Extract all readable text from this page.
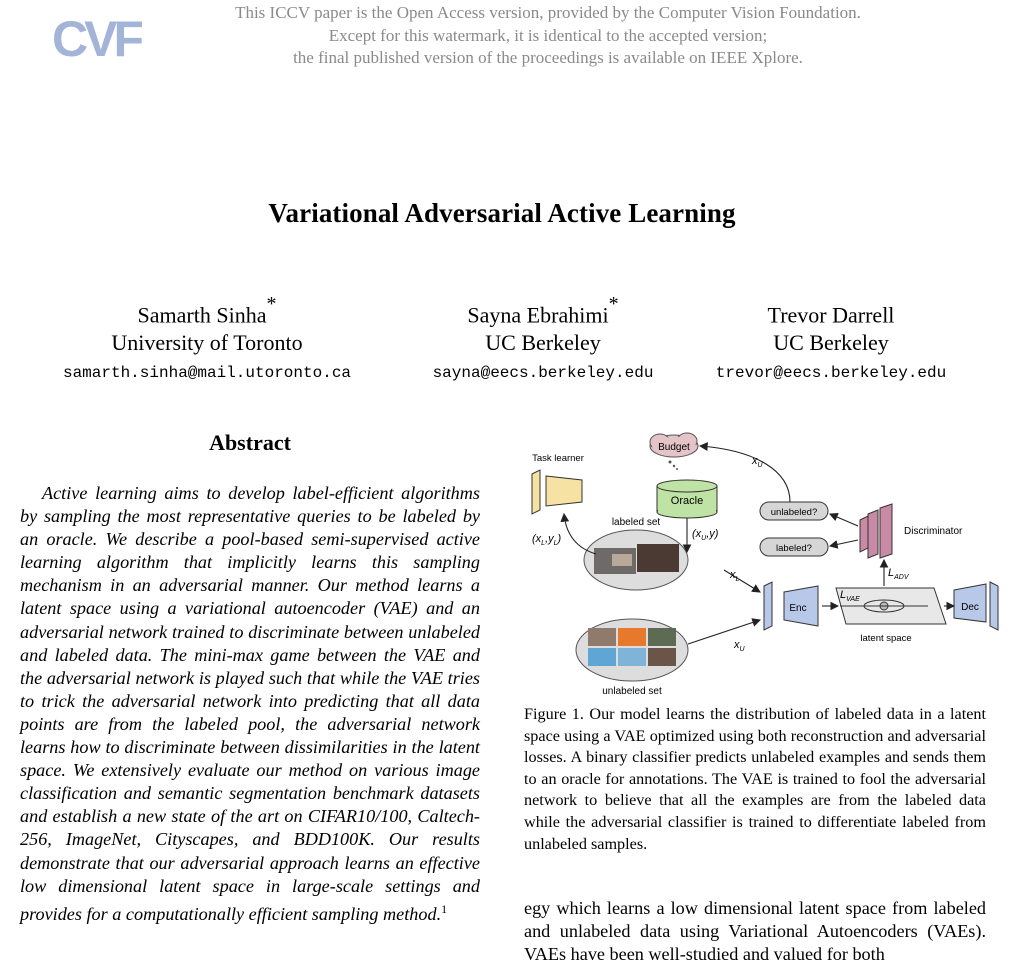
CVF	This ICCV paper is the Open Access version, provided by the Computer Vision Foundation.
Except for this watermark, it is identical to the accepted version;
the final published version of the proceedings is available on IEEE Xplore.
Variational Adversarial Active Learning
Samarth Sinha*
University of Toronto
samarth.sinha@mail.utoronto.ca
Sayna Ebrahimi*
UC Berkeley
sayna@eecs.berkeley.edu
Trevor Darrell
UC Berkeley
trevor@eecs.berkeley.edu
Abstract
Active learning aims to develop label-efficient algorithms by sampling the most representative queries to be labeled by an oracle. We describe a pool-based semi-supervised active learning algorithm that implicitly learns this sampling mechanism in an adversarial manner. Our method learns a latent space using a variational autoencoder (VAE) and an adversarial network trained to discriminate between unlabeled and labeled data. The mini-max game between the VAE and the adversarial network is played such that while the VAE tries to trick the adversarial network into predicting that all data points are from the labeled pool, the adversarial network learns how to discriminate between dissimilarities in the latent space. We extensively evaluate our method on various image classification and semantic segmentation benchmark datasets and establish a new state of the art on CIFAR10/100, Caltech-256, ImageNet, Cityscapes, and BDD100K. Our results demonstrate that our adversarial approach learns an effective low dimensional latent space in large-scale settings and provides for a computationally efficient sampling method.$^1$
Budget
Oracle
Task learner
labeled set
unlabeled set
Discriminator
unlabeled?
labeled?
Enc
latent space
Dec
$(x_L,y_L)$	$(x_U,y)$
$x_U$
$x_L$
$x_U$
$L_{VAE}$
$L_{ADV}$
Figure 1. Our model learns the distribution of labeled data in a latent space using a VAE optimized using both reconstruction and adversarial losses. A binary classifier predicts unlabeled examples and sends them to an oracle for annotations. The VAE is trained to fool the adversarial network to believe that all the examples are from the labeled data while the adversarial classifier is trained to differentiate labeled from unlabeled samples.
egy which learns a low dimensional latent space from labeled and unlabeled data using Variational Autoencoders (VAEs). VAEs have been well-studied and valued for both
